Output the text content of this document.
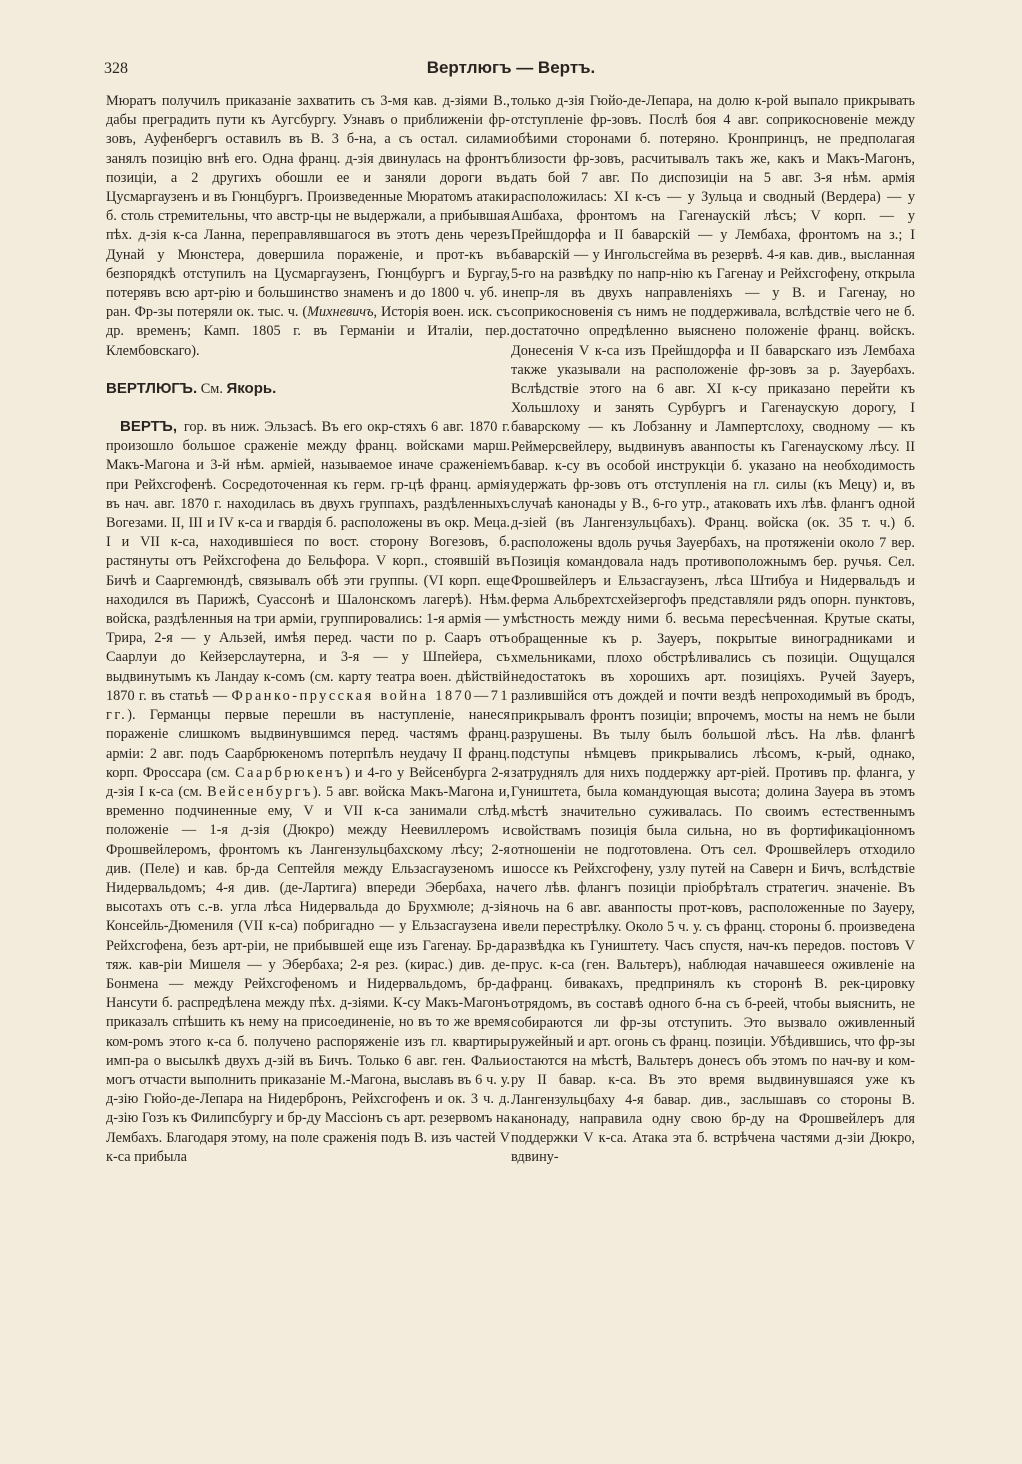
328	Вертлюгъ — Вертъ.

Мюратъ получилъ приказаніе захватить съ 3-мя кав. д-зіями В., дабы преградить пути къ Аугсбургу. Узнавъ о приближеніи фр-зовъ, Ауфенбергъ оставилъ въ В. 3 б-на, а съ остал. силами занялъ позицію внѣ его. Одна франц. д-зія двинулась на фронтъ позиціи, а 2 другихъ обошли ее и заняли дороги въ Цусмаргаузенъ и въ Гюнцбургъ. Произведенные Мюратомъ атаки б. столь стремительны, что австр-цы не выдержали, а прибывшая пѣх. д-зія к-са Ланна, переправлявшагося въ этотъ день черезъ Дунай у Мюнстера, довершила пораженіе, и прот-къ въ безпорядкѣ отступилъ на Цусмаргаузенъ, Гюнцбургъ и Бургау, потерявъ всю арт-рію и большинство знаменъ и до 1800 ч. уб. и ран. Фр-зы потеряли ок. тыс. ч. (Михневичъ, Исторія воен. иск. съ др. временъ; Камп. 1805 г. въ Германіи и Италіи, пер. Клембовскаго).

ВЕРТЛЮГЪ. См. Якорь.

ВЕРТЪ, гор. въ ниж. Эльзасѣ. Въ его окр-стяхъ 6 авг. 1870 г. произошло большое сраженіе между франц. войсками марш. Макъ-Магона и 3-й нѣм. арміей, называемое иначе сраженіемъ при Рейхсгофенѣ. Сосредоточенная къ герм. гр-цѣ франц. армія въ нач. авг. 1870 г. находилась въ двухъ группахъ, раздѣленныхъ Вогезами. II, III и IV к-са и гвардія б. расположены въ окр. Меца. I и VII к-са, находившіеся по вост. сторону Вогезовъ, б. растянуты отъ Рейхсгофена до Бельфора. V корп., стоявшій въ Бичѣ и Сааргемюндѣ, связывалъ обѣ эти группы. (VI корп. еще находился въ Парижѣ, Суассонѣ и Шалонскомъ лагерѣ). Нѣм. войска, раздѣленныя на три арміи, группировались: 1-я армія — у Трира, 2-я — у Альзей, имѣя перед. части по р. Сааръ отъ Саарлуи до Кейзерслаутерна, и 3-я — у Шпейера, съ выдвинутымъ къ Ландау к-сомъ (см. карту театра воен. дѣйствій 1870 г. въ статьѣ — Франко-прусская война 1870—71 гг.). Германцы первые перешли въ наступленіе, нанеся пораженіе слишкомъ выдвинувшимся перед. частямъ франц. арміи: 2 авг. подъ Саарбрюкеномъ потерпѣлъ неудачу II франц. корп. Фроссара (см. Саарбрюкенъ) и 4-го у Вейсенбурга 2-я д-зія I к-са (см. Вейсенбургъ). 5 авг. войска Макъ-Магона и, временно подчиненные ему, V и VII к-са занимали слѣд. положеніе — 1-я д-зія (Дюкро) между Неевиллеромъ и Фрошвейлеромъ, фронтомъ къ Лангензульцбахскому лѣсу; 2-я див. (Пеле) и кав. бр-да Септейля между Ельзасгаузеномъ и Нидервальдомъ; 4-я див. (де-Лартига) впереди Эбербаха, на высотахъ отъ с.-в. угла лѣса Нидервальда до Брухмюле; д-зія Консейль-Дюмениля (VII к-са) побригадно — у Ельзасгаузена и Рейхсгофена, безъ арт-ріи, не прибывшей еще изъ Гагенау. Бр-да тяж. кав-ріи Мишеля — у Эбербаха; 2-я рез. (кирас.) див. де-Бонмена — между Рейхсгофеномъ и Нидервальдомъ, бр-да Нансути б. распредѣлена между пѣх. д-зіями. К-су Макъ-Магонъ приказалъ спѣшить къ нему на присоединеніе, но въ то же время ком-ромъ этого к-са б. получено распоряженіе изъ гл. квартиры имп-ра о высылкѣ двухъ д-зій въ Бичъ. Только 6 авг. ген. Фальи могъ отчасти выполнить приказаніе М.-Магона, выславъ въ 6 ч. у. д-зію Гюйо-де-Лепара на Нидербронъ, Рейхсгофенъ и ок. 3 ч. д. д-зію Гозъ къ Филипсбургу и бр-ду Массіонъ съ арт. резервомъ на Лембахъ. Благодаря этому, на поле сраженія подъ В. изъ частей V к-са прибыла

только д-зія Гюйо-де-Лепара, на долю к-рой выпало прикрывать отступленіе фр-зовъ. Послѣ боя 4 авг. соприкосновеніе между обѣими сторонами б. потеряно. Кронпринцъ, не предполагая близости фр-зовъ, расчитывалъ такъ же, какъ и Макъ-Магонъ, дать бой 7 авг. По диспозиціи на 5 авг. 3-я нѣм. армія расположилась: XI к-съ — у Зульца и сводный (Вердера) — у Ашбаха, фронтомъ на Гагенаускій лѣсъ; V корп. — у Прейшдорфа и II баварскій — у Лембаха, фронтомъ на з.; I баварскій — у Ингольсгейма въ резервѣ. 4-я кав. див., высланная 5-го на развѣдку по напр-нію къ Гагенау и Рейхсгофену, открыла непр-ля въ двухъ направленіяхъ — у В. и Гагенау, но соприкосновенія съ нимъ не поддерживала, вслѣдствіе чего не б. достаточно опредѣленно выяснено положеніе франц. войскъ. Донесенія V к-са изъ Прейшдорфа и II баварскаго изъ Лембаха также указывали на расположеніе фр-зовъ за р. Зауербахъ. Вслѣдствіе этого на 6 авг. XI к-су приказано перейти къ Хольшлоху и занять Сурбургъ и Гагенаускую дорогу, I баварскому — къ Лобзанну и Лампертслоху, сводному — къ Реймерсвейлеру, выдвинувъ аванпосты къ Гагенаускому лѣсу. II бавар. к-су въ особой инструкціи б. указано на необходимость удержать фр-зовъ отъ отступленія на гл. силы (къ Мецу) и, въ случаѣ канонады у В., 6-го утр., атаковать ихъ лѣв. флангъ одной д-зіей (въ Лангензульцбахъ). Франц. войска (ок. 35 т. ч.) б. расположены вдоль ручья Зауербахъ, на протяженіи около 7 вер. Позиція командовала надъ противоположнымъ бер. ручья. Сел. Фрошвейлеръ и Ельзасгаузенъ, лѣса Штибуа и Нидервальдъ и ферма Альбрехтсхейзергофъ представляли рядъ опорн. пунктовъ, мѣстность между ними б. весьма пересѣченная. Крутые скаты, обращенные къ р. Зауеръ, покрытые виноградниками и хмельниками, плохо обстрѣливались съ позиціи. Ощущался недостатокъ въ хорошихъ арт. позиціяхъ. Ручей Зауеръ, разлившійся отъ дождей и почти вездѣ непроходимый въ бродъ, прикрывалъ фронтъ позиціи; впрочемъ, мосты на немъ не были разрушены. Въ тылу былъ большой лѣсъ. На лѣв. флангѣ подступы нѣмцевъ прикрывались лѣсомъ, к-рый, однако, затруднялъ для нихъ поддержку арт-ріей. Противъ пр. фланга, у Гуништета, была командующая высота; долина Зауера въ этомъ мѣстѣ значительно суживалась. По своимъ естественнымъ свойствамъ позиція была сильна, но въ фортификаціонномъ отношеніи не подготовлена. Отъ сел. Фрошвейлеръ отходило шоссе къ Рейхсгофену, узлу путей на Саверн и Бичъ, вслѣдствіе чего лѣв. флангъ позиціи пріобрѣталъ стратегич. значеніе. Въ ночь на 6 авг. аванпосты прот-ковъ, расположенные по Зауеру, вели перестрѣлку. Около 5 ч. у. съ франц. стороны б. произведена развѣдка къ Гуништету. Часъ спустя, нач-къ передов. постовъ V прус. к-са (ген. Вальтеръ), наблюдая начавшееся оживленіе на франц. бивакахъ, предпринялъ къ сторонѣ В. рек-цировку отрядомъ, въ составѣ одного б-на съ б-реей, чтобы выяснить, не собираются ли фр-зы отступить. Это вызвало оживленный ружейный и арт. огонь съ франц. позиціи. Убѣдившись, что фр-зы остаются на мѣстѣ, Вальтеръ донесъ объ этомъ по нач-ву и ком-ру II бавар. к-са. Въ это время выдвинувшаяся уже къ Лангензульцбаху 4-я бавар. див., заслышавъ со стороны В. канонаду, направила одну свою бр-ду на Фрошвейлеръ для поддержки V к-са. Атака эта б. встрѣчена частями д-зіи Дюкро, вдвину-
